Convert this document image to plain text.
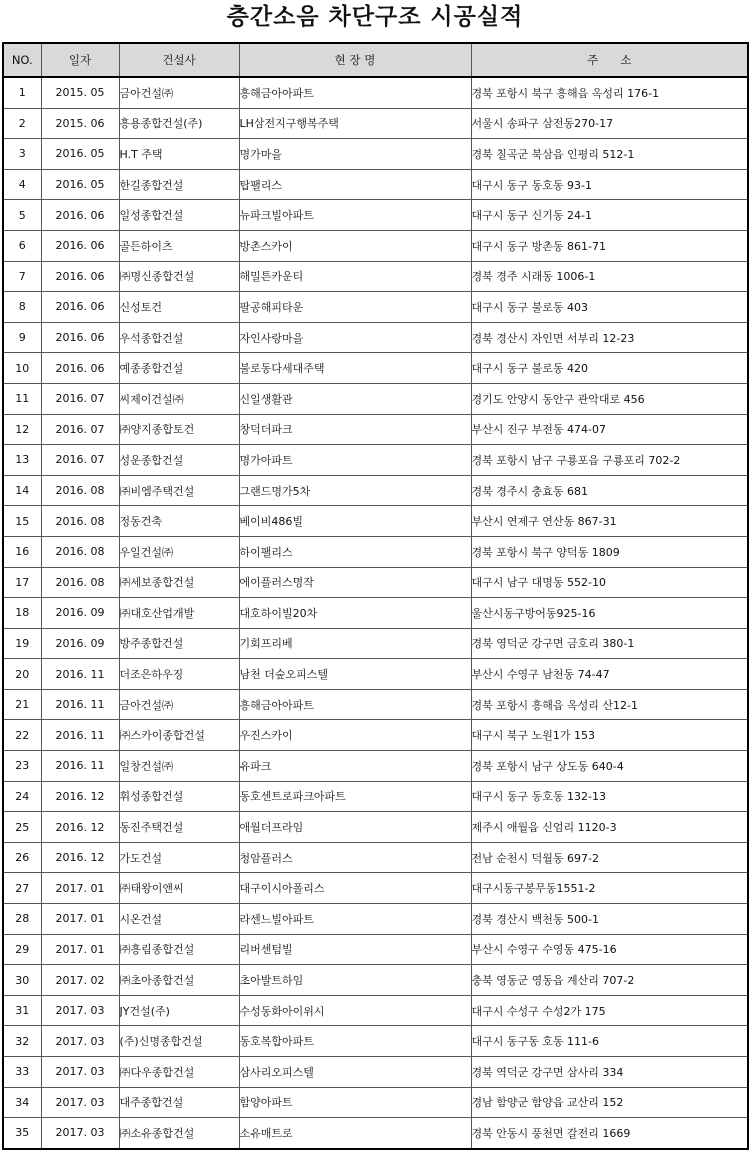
층간소음 차단구조 시공실적
NO.	일자	건설사	현 장 명	주      소
1	2015. 05	금아건설㈜	흥해금아아파트	경북 포항시 북구 흥해읍 옥성리 176-1
2	2015. 06	흥용종합건설(주)	LH삼전지구행복주택	서울시 송파구 삼전동270-17
3	2016. 05	H.T 주택	명가마을	경북 칠곡군 북삼읍 인평리 512-1
4	2016. 05	한길종합건설	탑팰리스	대구시 동구 동호동 93-1
5	2016. 06	일성종합건설	뉴파크빌아파트	대구시 동구 신기동 24-1
6	2016. 06	골든하이츠	방촌스카이	대구시 동구 방촌동 861-71
7	2016. 06	㈜명신종합건설	해밀튼카운티	경북 경주 시래동 1006-1
8	2016. 06	신성토건	팔공해피타운	대구시 동구 불로동 403
9	2016. 06	우석종합건설	자인사랑마을	경북 경산시 자인면 서부리 12-23
10	2016. 06	예종종합건설	불로동다세대주택	대구시 동구 불로동 420
11	2016. 07	씨제이건설㈜	신일생활관	경기도 안양시 동안구 관악대로 456
12	2016. 07	㈜양지종합토건	창덕더파크	부산시 진구 부전동 474-07
13	2016. 07	성운종합건설	명가아파트	경북 포항시 남구 구룡포읍 구룡포리 702-2
14	2016. 08	㈜비엠주택건설	그랜드명가5차	경북 경주시 충효동 681
15	2016. 08	정동건축	베이비486빌	부산시 연제구 연산동 867-31
16	2016. 08	우일건설㈜	하이팰리스	경북 포항시 북구 양덕동 1809
17	2016. 08	㈜세보종합건설	에이플러스명작	대구시 남구 대명동 552-10
18	2016. 09	㈜대호산업개발	대호하이빌20차	울산시동구방어동925-16
19	2016. 09	방주종합건설	기회프리베	경북 영덕군 강구면 금호리 380-1
20	2016. 11	더조은하우징	남천 더숲오피스텔	부산시 수영구 남천동 74-47
21	2016. 11	금아건설㈜	흥해금아아파트	경북 포항시 흥해읍 옥성리 산12-1
22	2016. 11	㈜스카이종합건설	우진스카이	대구시 북구 노원1가 153
23	2016. 11	일창건설㈜	유파크	경북 포항시 남구 상도동 640-4
24	2016. 12	휘성종합건설	동호센트로파크아파트	대구시 동구 동호동 132-13
25	2016. 12	동진주택건설	애월더프라임	제주시 애월읍 신엄리 1120-3
26	2016. 12	가도건설	청암플러스	전남 순천시 덕월동 697-2
27	2017. 01	㈜태왕이앤씨	대구이시아폴리스	대구시동구봉무동1551-2
28	2017. 01	시온건설	라센느빌아파트	경북 경산시 백천동 500-1
29	2017. 01	㈜흥림종합건설	리버센텀빌	부산시 수영구 수영동 475-16
30	2017. 02	㈜초아종합건설	초아발트하임	충북 영동군 영동읍 계산리 707-2
31	2017. 03	JY건설(주)	수성동화아이위시	대구시 수성구 수성2가 175
32	2017. 03	(주)신명종합건설	동호복합아파트	대구시 동구동 호동 111-6
33	2017. 03	㈜다우종합건설	삼사리오피스텔	경북 역덕군 강구면 삼사리 334
34	2017. 03	대주종합건설	함양아파트	경남 함양군 함양읍 교산리 152
35	2017. 03	㈜소유종합건설	소유매트로	경북 안동시 풍천면 갈전리 1669
